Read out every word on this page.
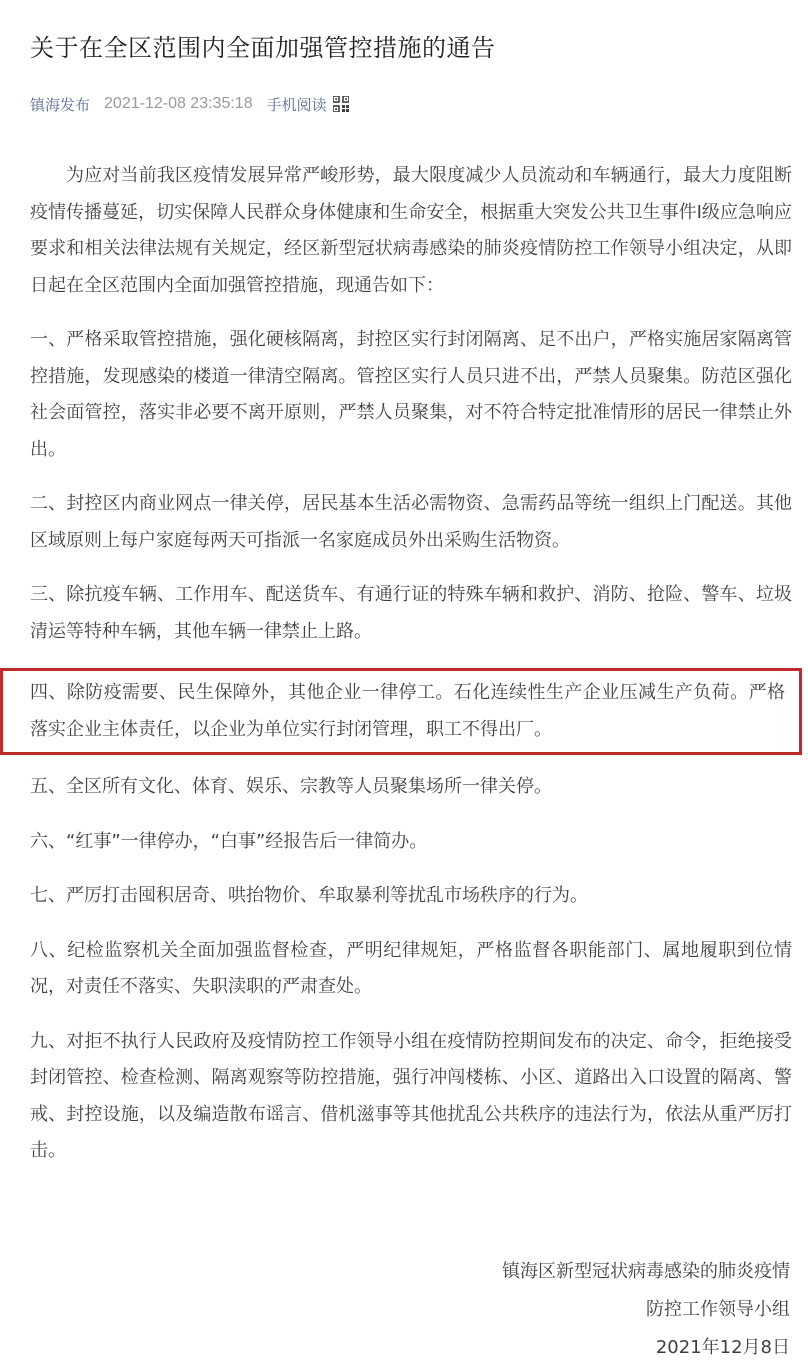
关于在全区范围内全面加强管控措施的通告
镇海发布 2021-12-08 23:35:18 手机阅读

为应对当前我区疫情发展异常严峻形势，最大限度减少人员流动和车辆通行，最大力度阻断疫情传播蔓延，切实保障人民群众身体健康和生命安全，根据重大突发公共卫生事件Ⅰ级应急响应要求和相关法律法规有关规定，经区新型冠状病毒感染的肺炎疫情防控工作领导小组决定，从即日起在全区范围内全面加强管控措施，现通告如下：

一、严格采取管控措施，强化硬核隔离，封控区实行封闭隔离、足不出户，严格实施居家隔离管控措施，发现感染的楼道一律清空隔离。管控区实行人员只进不出，严禁人员聚集。防范区强化社会面管控，落实非必要不离开原则，严禁人员聚集，对不符合特定批准情形的居民一律禁止外出。

二、封控区内商业网点一律关停，居民基本生活必需物资、急需药品等统一组织上门配送。其他区域原则上每户家庭每两天可指派一名家庭成员外出采购生活物资。

三、除抗疫车辆、工作用车、配送货车、有通行证的特殊车辆和救护、消防、抢险、警车、垃圾清运等特种车辆，其他车辆一律禁止上路。

四、除防疫需要、民生保障外，其他企业一律停工。石化连续性生产企业压减生产负荷。严格落实企业主体责任，以企业为单位实行封闭管理，职工不得出厂。

五、全区所有文化、体育、娱乐、宗教等人员聚集场所一律关停。

六、“红事”一律停办，“白事”经报告后一律简办。

七、严厉打击囤积居奇、哄抬物价、牟取暴利等扰乱市场秩序的行为。

八、纪检监察机关全面加强监督检查，严明纪律规矩，严格监督各职能部门、属地履职到位情况，对责任不落实、失职渎职的严肃查处。

九、对拒不执行人民政府及疫情防控工作领导小组在疫情防控期间发布的决定、命令，拒绝接受封闭管控、检查检测、隔离观察等防控措施，强行冲闯楼栋、小区、道路出入口设置的隔离、警戒、封控设施，以及编造散布谣言、借机滋事等其他扰乱公共秩序的违法行为，依法从重严厉打击。

镇海区新型冠状病毒感染的肺炎疫情
防控工作领导小组
2021年12月8日
